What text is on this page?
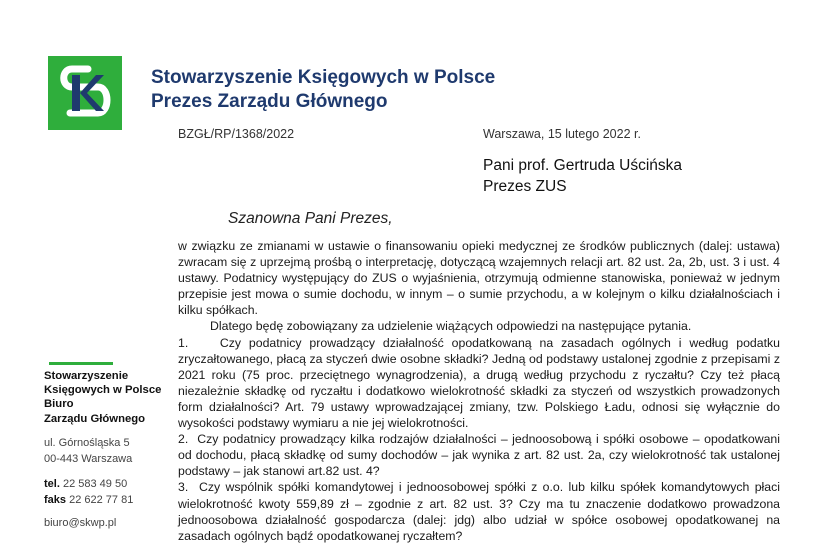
Stowarzyszenie Księgowych w Polsce
Prezes Zarządu Głównego
BZGŁ/RP/1368/2022	Warszawa, 15 lutego 2022 r.
Pani prof. Gertruda Uścińska
Prezes ZUS
Szanowna Pani Prezes,

w związku ze zmianami w ustawie o finansowaniu opieki medycznej ze środków publicznych (dalej: ustawa) zwracam się z uprzejmą prośbą o interpretację, dotyczącą wzajemnych relacji art. 82 ust. 2a, 2b, ust. 3 i ust. 4 ustawy. Podatnicy występujący do ZUS o wyjaśnienia, otrzymują odmienne stanowiska, ponieważ w jednym przepisie jest mowa o sumie dochodu, w innym – o sumie przychodu, a w kolejnym o kilku działalnościach i kilku spółkach.

Dlatego będę zobowiązany za udzielenie wiążących odpowiedzi na następujące pytania.

1.    Czy podatnicy prowadzący działalność opodatkowaną na zasadach ogólnych i według podatku zryczałtowanego, płacą za styczeń dwie osobne składki? Jedną od podstawy ustalonej zgodnie z przepisami z 2021 roku (75 proc. przeciętnego wynagrodzenia), a drugą według przychodu z ryczałtu? Czy też płacą niezależnie składkę od ryczałtu i dodatkowo wielokrotność składki za styczeń od wszystkich prowadzonych form działalności? Art. 79 ustawy wprowadzającej zmiany, tzw. Polskiego Ładu, odnosi się wyłącznie do wysokości podstawy wymiaru a nie jej wielokrotności.

2.  Czy podatnicy prowadzący kilka rodzajów działalności – jednoosobową i spółki osobowe – opodatkowani od dochodu, płacą składkę od sumy dochodów – jak wynika z art. 82 ust. 2a, czy wielokrotność tak ustalonej podstawy – jak stanowi art.82 ust. 4?

3.  Czy wspólnik spółki komandytowej i jednoosobowej spółki z o.o. lub kilku spółek komandytowych płaci wielokrotność kwoty 559,89 zł – zgodnie z art. 82 ust. 3? Czy ma tu znaczenie dodatkowo prowadzona jednoosobowa działalność gospodarcza (dalej: jdg) albo udział w spółce osobowej opodatkowanej na zasadach ogólnych bądź opodatkowanej ryczałtem?

Stowarzyszenie
Księgowych w Polsce
Biuro
Zarządu Głównego
ul. Górnośląska 5
00-443 Warszawa
tel. 22 583 49 50
faks 22 622 77 81
biuro@skwp.pl
